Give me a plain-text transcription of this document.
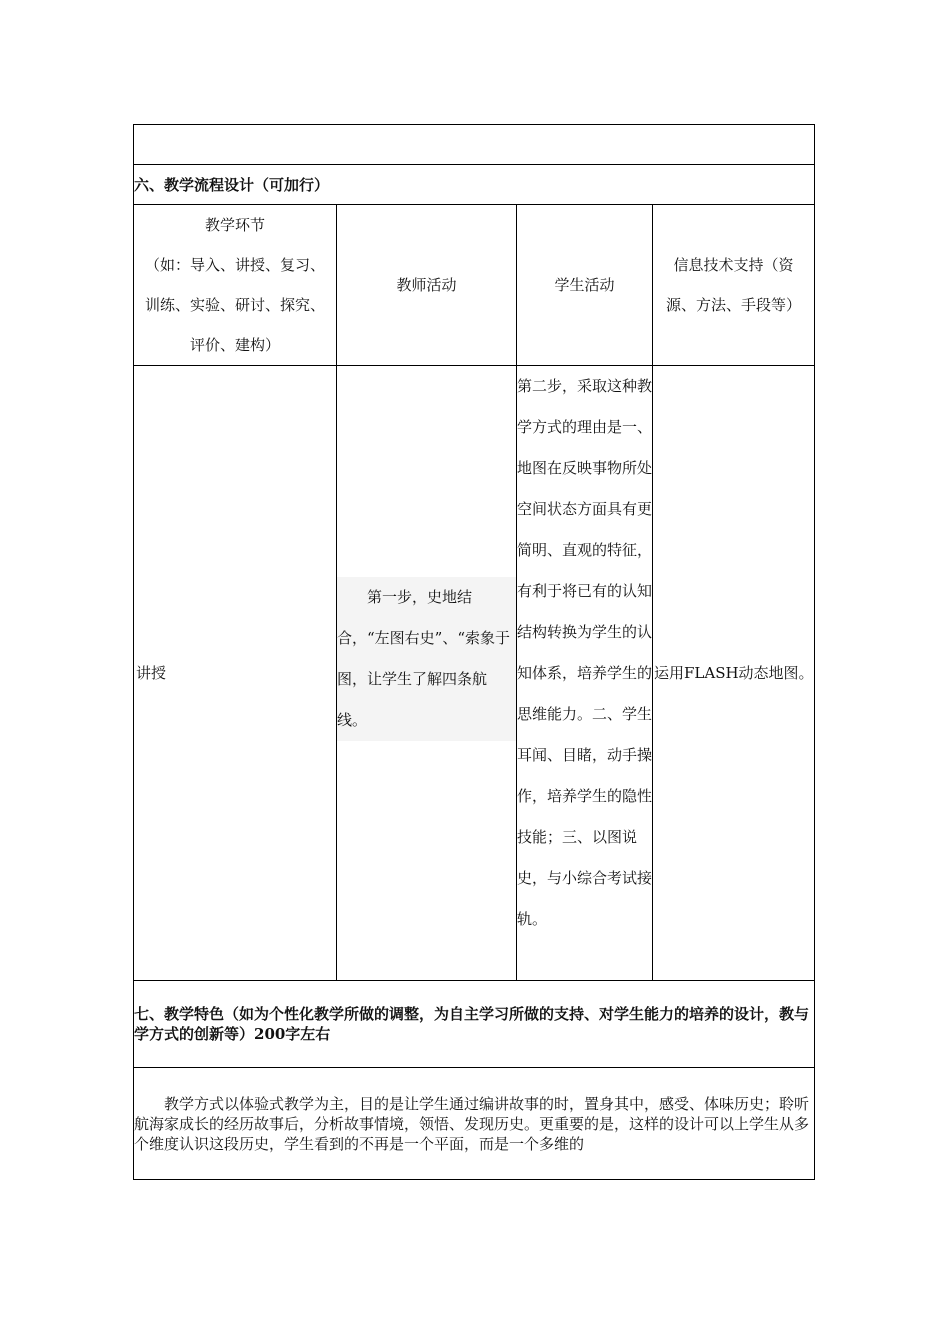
六、教学流程设计（可加行）			

教学环节
（如：导入、讲授、复习、
训练、实验、研讨、探究、
评价、建构）	教师活动	学生活动	信息技术支持（资
源、方法、手段等）

讲授	第一步，史地结合，“左图右史”、“索象于图，让学生了解四条航线。	第二步，采取这种教学方式的理由是一、地图在反映事物所处空间状态方面具有更简明、直观的特征，有利于将已有的认知结构转换为学生的认知体系，培养学生的思维能力。二、学生耳闻、目睹，动手操作，培养学生的隐性技能；三、以图说史，与小综合考试接轨。	运用FLASH动态地图。
七、教学特色（如为个性化教学所做的调整，为自主学习所做的支持、对学生能力的培养的设计，教与学方式的创新等）200字左右			
教学方式以体验式教学为主，目的是让学生通过编讲故事的时，置身其中，感受、体味历史；聆听航海家成长的经历故事后，分析故事情境，领悟、发现历史。更重要的是，这样的设计可以上学生从多个维度认识这段历史，学生看到的不再是一个平面，而是一个多维的			
